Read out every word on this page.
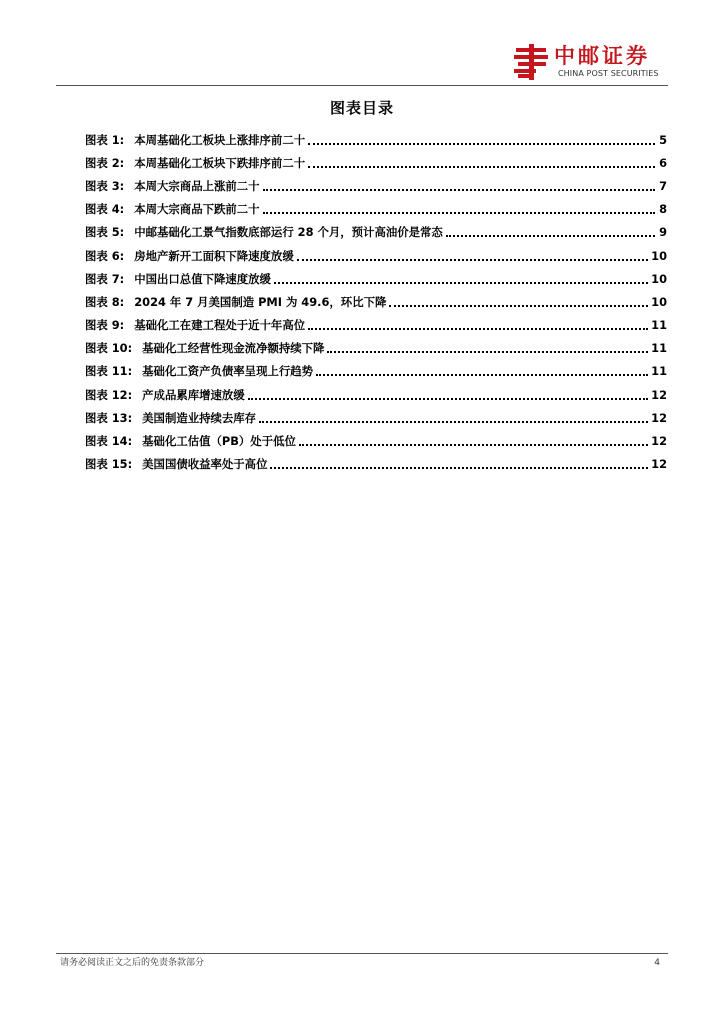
中邮证券
CHINA POST SECURITIES
图表目录
图表 1: 本周基础化工板块上涨排序前二十	5
图表 2: 本周基础化工板块下跌排序前二十	6
图表 3: 本周大宗商品上涨前二十	7
图表 4: 本周大宗商品下跌前二十	8
图表 5: 中邮基础化工景气指数底部运行 28 个月，预计高油价是常态	9
图表 6: 房地产新开工面积下降速度放缓	10
图表 7: 中国出口总值下降速度放缓	10
图表 8: 2024 年 7 月美国制造 PMI 为 49.6，环比下降	10
图表 9: 基础化工在建工程处于近十年高位	11
图表 10: 基础化工经营性现金流净额持续下降	11
图表 11: 基础化工资产负债率呈现上行趋势	11
图表 12: 产成品累库增速放缓	12
图表 13: 美国制造业持续去库存	12
图表 14: 基础化工估值（PB）处于低位	12
图表 15: 美国国债收益率处于高位	12
请务必阅读正文之后的免责条款部分	4
